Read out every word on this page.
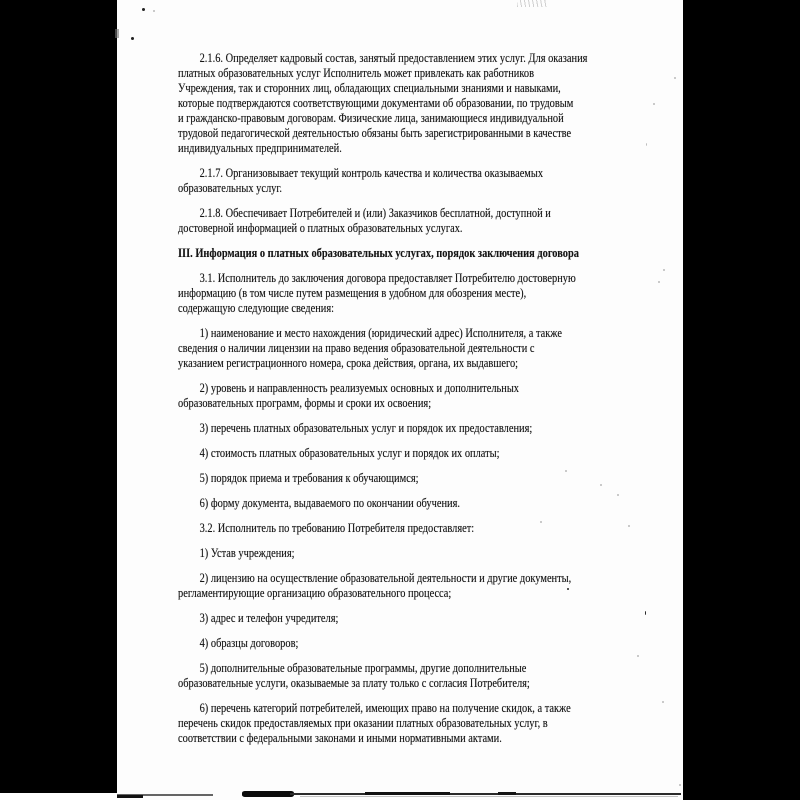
2.1.6. Определяет кадровый состав, занятый предоставлением этих услуг. Для оказания
платных образовательных услуг Исполнитель может привлекать как работников
Учреждения, так и сторонних лиц, обладающих специальными знаниями и навыками,
которые подтверждаются соответствующими документами об образовании, по трудовым
и гражданско-правовым договорам. Физические лица, занимающиеся индивидуальной
трудовой педагогической деятельностью обязаны быть зарегистрированными в качестве
индивидуальных предпринимателей.
2.1.7. Организовывает текущий контроль качества и количества оказываемых
образовательных услуг.
2.1.8. Обеспечивает Потребителей и (или) Заказчиков бесплатной, доступной и
достоверной информацией о платных образовательных услугах.
III. Информация о платных образовательных услугах, порядок заключения договора
3.1. Исполнитель до заключения договора предоставляет Потребителю достоверную
информацию (в том числе путем размещения в удобном для обозрения месте),
содержащую следующие сведения:
1) наименование и место нахождения (юридический адрес) Исполнителя, а также
сведения о наличии лицензии на право ведения образовательной деятельности с
указанием регистрационного номера, срока действия, органа, их выдавшего;
2) уровень и направленность реализуемых основных и дополнительных
образовательных программ, формы и сроки их освоения;
3) перечень платных образовательных услуг и порядок их предоставления;
4) стоимость платных образовательных услуг и порядок их оплаты;
5) порядок приема и требования к обучающимся;
6) форму документа, выдаваемого по окончании обучения.
3.2. Исполнитель по требованию Потребителя предоставляет:
1) Устав учреждения;
2) лицензию на осуществление образовательной деятельности и другие документы,
регламентирующие организацию образовательного процесса;
3) адрес и телефон учредителя;
4) образцы договоров;
5) дополнительные образовательные программы, другие дополнительные
образовательные услуги, оказываемые за плату только с согласия Потребителя;
6) перечень категорий потребителей, имеющих право на получение скидок, а также
перечень скидок предоставляемых при оказании платных образовательных услуг, в
соответствии с федеральными законами и иными нормативными актами.
